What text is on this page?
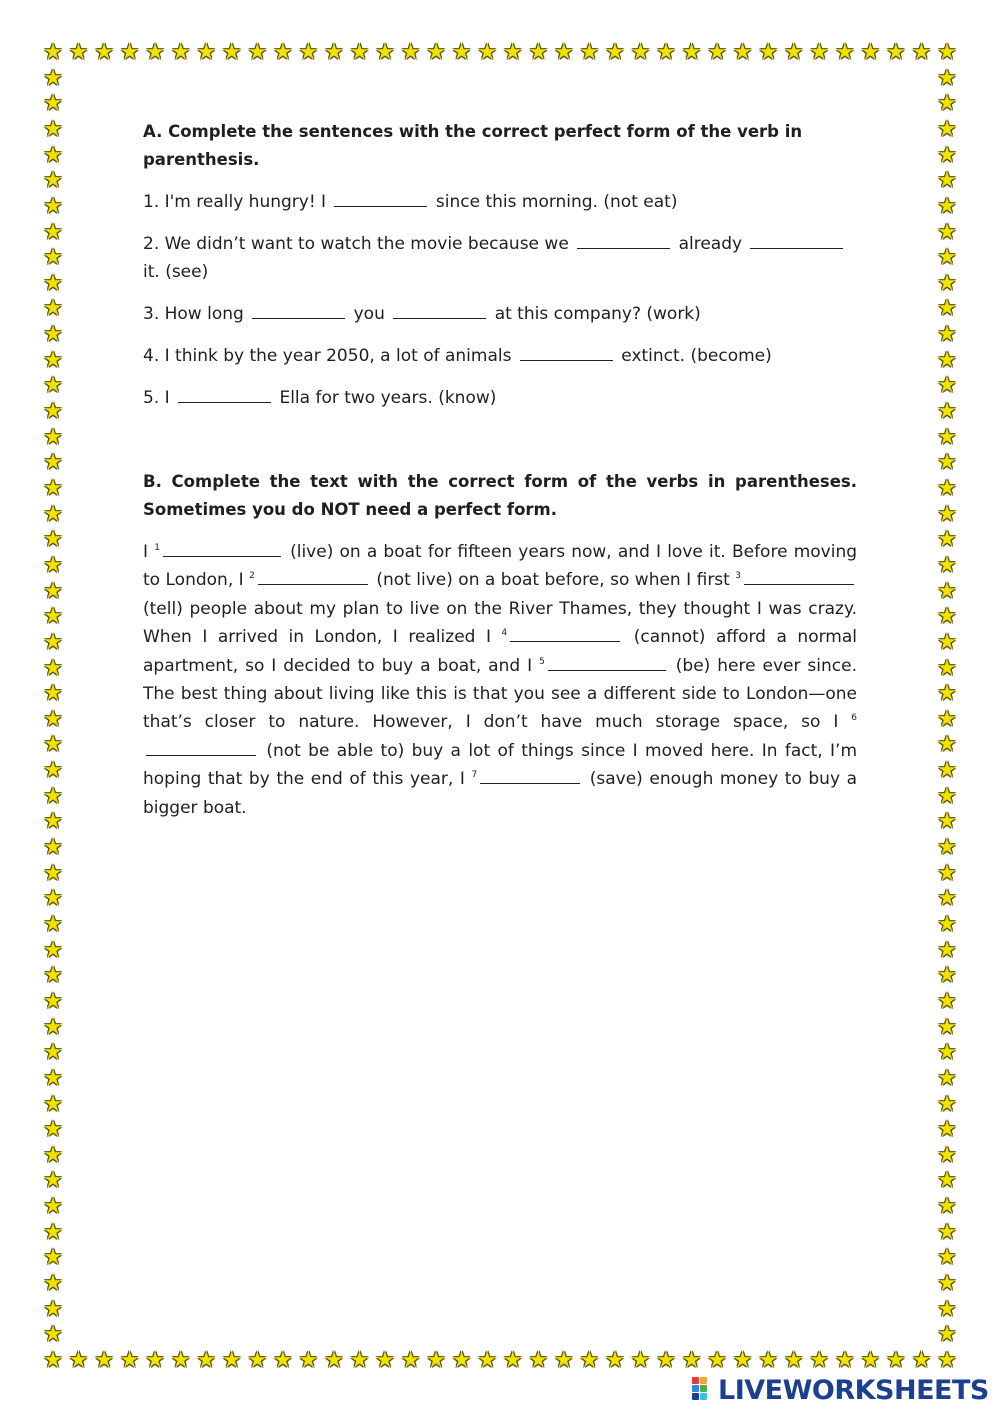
★
★
★
★
★
★
★
★
★
★
★
★
★
★
★
★
★
★
★
★
★
★
★
★
★
★
★
★
★
★
★
★
★
★
★
★
★
★
★
★
★
★
★
★
★
★
★
★
★
★
★
★
★
★
★
★
★
★
★
★
★
★
★
★
★
★
★
★
★
★
★
★
★	★
★	★
★	★
★	★
★	★
★	★
★	★
★	★
★	★
★	★
★	★
★	★
★	★
★	★
★	★
★	★
★	★
★	★
★	★
★	★
★	★
★	★
★	★
★	★
★	★
★	★
★	★
★	★
★	★
★	★
★	★
★	★
★	★
★	★
★	★
★	★
★	★
★	★
★	★
★	★
★	★
★	★
★	★
★	★
★	★
★	★
★	★
★	★
★	★
★	★

A. Complete the sentences with the correct perfect form of the verb in parenthesis.

1. I'm really hungry! I	since this morning. (not eat)

2. We didn’t want to watch the movie because we	already  it. (see)

3. How long	you	at this company? (work)

4. I think by the year 2050, a lot of animals	extinct. (become)

5. I	Ella for two years. (know)

B. Complete the text with the correct form of the verbs in parentheses. Sometimes you do NOT need a perfect form.

I $^1$	(live) on a boat for fifteen years now, and I love it. Before moving to London, I $^2$	(not live) on a boat before, so when I first $^3$ (tell) people about my plan to live on the River Thames, they thought I was crazy. When I arrived in London, I realized I $^4$	(cannot) afford a normal apartment, so I decided to buy a boat, and I $^5$	(be) here ever since. The best thing about living like this is that you see a different side to London—one that’s closer to nature. However, I don’t have much storage space, so I $^6$ (not be able to) buy a lot of things since I moved here. In fact, I’m hoping that by the end of this year, I $^7$	(save) enough money to buy a bigger boat.

LIVEWORKSHEETS
